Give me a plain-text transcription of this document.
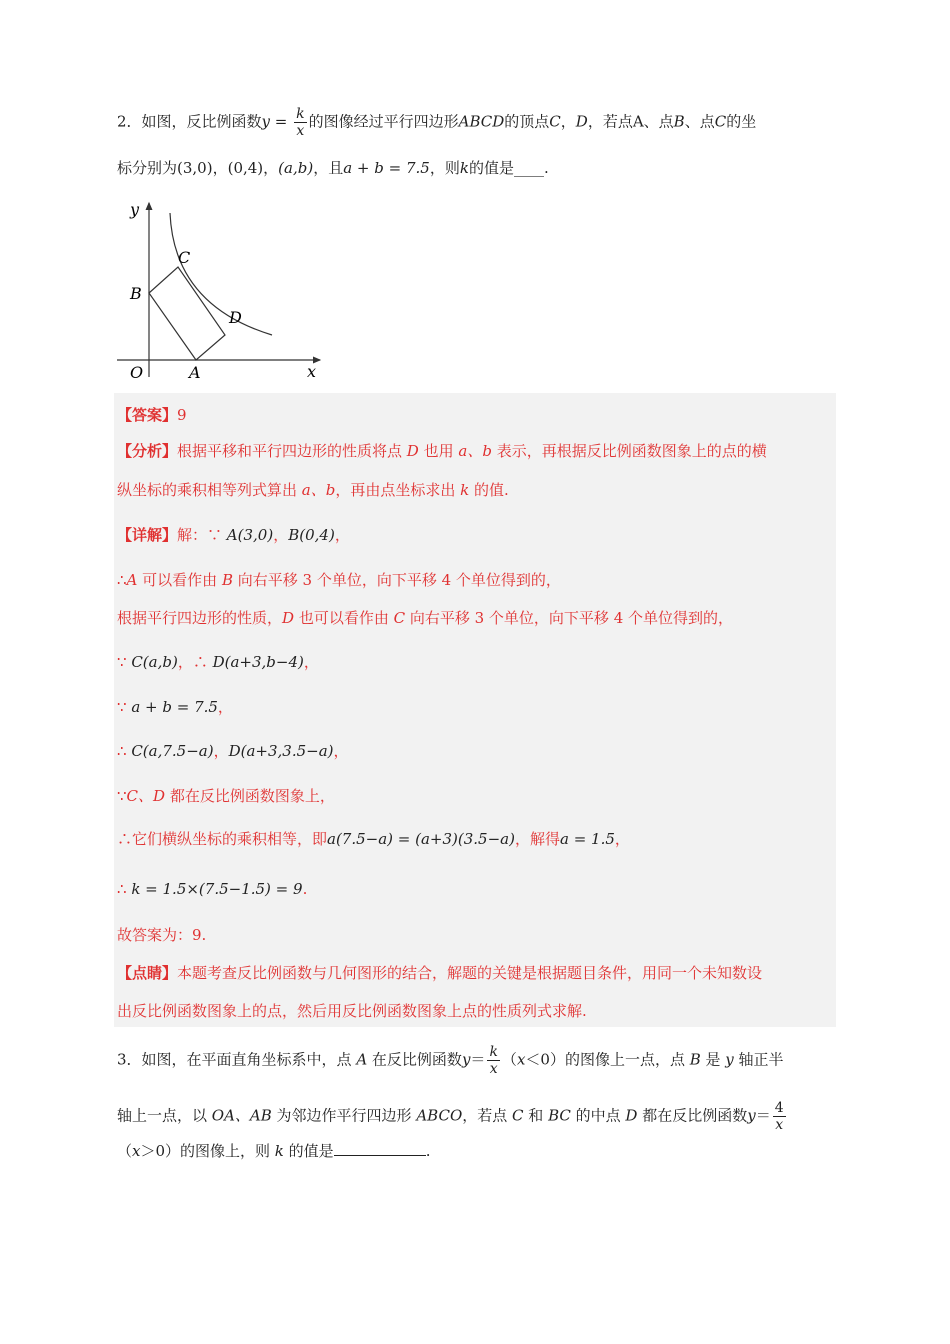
2．如图，反比例函数$y = \frac{k}{x}$ 的图像经过平行四边形ABCD的顶点C，D，若点A、点B、点C的坐
标分别为(3,0)，(0,4)，(a,b)，且a + b = 7.5，则k的值是____.
y
x
O	A
B
C
D
【答案】9
【分析】根据平移和平行四边形的性质将点 D 也用 a、b 表示，再根据反比例函数图象上的点的横
纵坐标的乘积相等列式算出 a、b，再由点坐标求出 k 的值.
【详解】解：∵ A(3,0)，B(0,4)，
∴A 可以看作由 B 向右平移 3 个单位，向下平移 4 个单位得到的，
根据平行四边形的性质，D 也可以看作由 C 向右平移 3 个单位，向下平移 4 个单位得到的，
∵ C(a,b)，∴ D(a+3,b−4)，
∵ a + b = 7.5，
∴ C(a,7.5−a)，D(a+3,3.5−a)，
∵C、D 都在反比例函数图象上，
∴它们横纵坐标的乘积相等，即a(7.5−a) = (a+3)(3.5−a)，解得a = 1.5，
∴ k = 1.5×(7.5−1.5) = 9.
故答案为：9.
【点睛】本题考查反比例函数与几何图形的结合，解题的关键是根据题目条件，用同一个未知数设
出反比例函数图象上的点，然后用反比例函数图象上点的性质列式求解.
3．如图，在平面直角坐标系中，点 A 在反比例函数$y= \frac{k}{x} (x<0)$的图像上一点，点 B 是 y 轴正半
轴上一点，以 OA、AB 为邻边作平行四边形 ABCO，若点 C 和 BC 的中点 D 都在反比例函数$y= \frac{4}{x}$
（x＞0）的图像上，则 k 的值是	.
